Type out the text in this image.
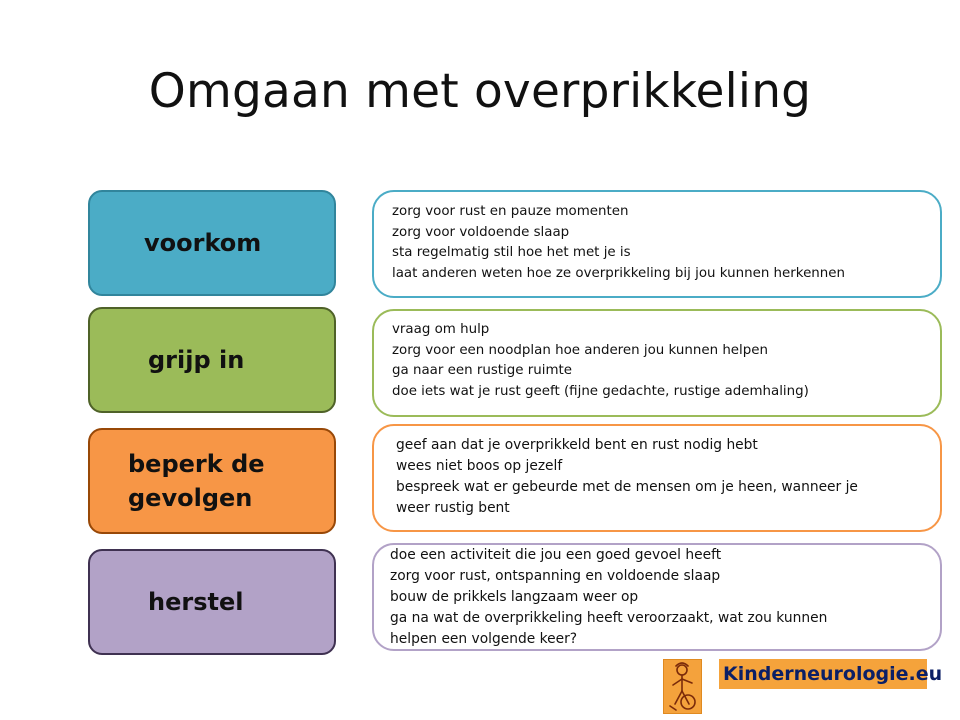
Omgaan met overprikkeling
voorkom
zorg voor rust en pauze momenten
zorg voor voldoende slaap
sta regelmatig stil hoe het met je is
laat anderen weten hoe ze overprikkeling bij jou kunnen herkennen
grijp in
vraag om hulp
zorg voor een noodplan hoe anderen jou kunnen helpen
ga naar een rustige ruimte
doe iets wat je rust geeft (fijne gedachte, rustige ademhaling)
beperk de
gevolgen
geef aan dat je overprikkeld bent en rust nodig hebt
wees niet boos op jezelf
bespreek wat er gebeurde met de mensen om je heen, wanneer je
weer rustig bent
herstel
doe een activiteit die jou een goed gevoel heeft
zorg voor rust, ontspanning en voldoende slaap
bouw de prikkels langzaam weer op
ga na wat de overprikkeling heeft veroorzaakt, wat zou kunnen
helpen een volgende keer?
Kinderneurologie.eu
